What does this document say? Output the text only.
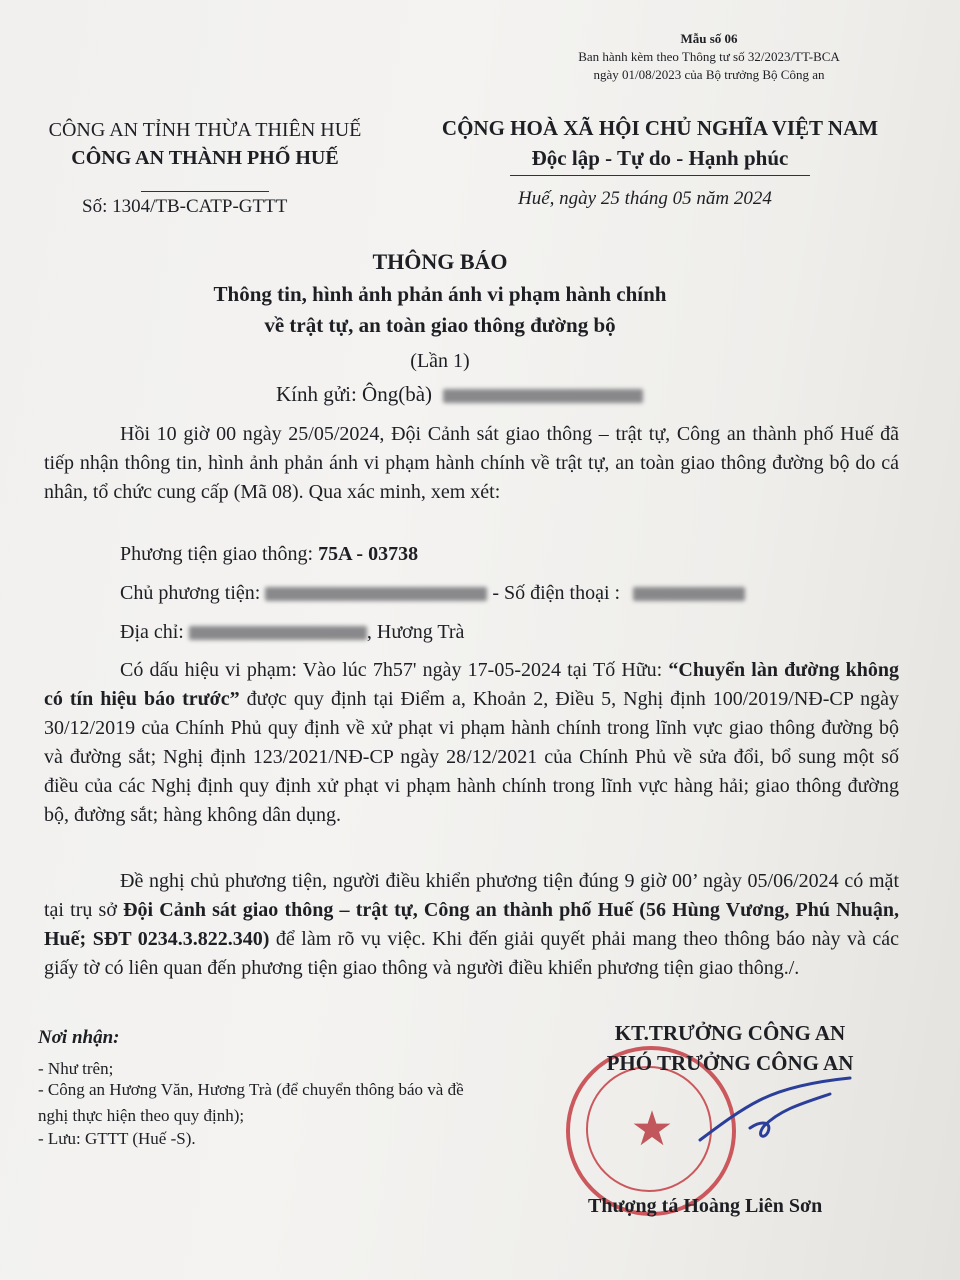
Mẫu số 06
Ban hành kèm theo Thông tư số 32/2023/TT-BCA
ngày 01/08/2023 của Bộ trưởng Bộ Công an
CÔNG AN TỈNH THỪA THIÊN HUẾ
CÔNG AN THÀNH PHỐ HUẾ
Số: 1304/TB-CATP-GTTT
CỘNG HOÀ XÃ HỘI CHỦ NGHĨA VIỆT NAM
Độc lập - Tự do - Hạnh phúc
Huế, ngày 25 tháng 05 năm 2024
THÔNG BÁO
Thông tin, hình ảnh phản ánh vi phạm hành chính
về trật tự, an toàn giao thông đường bộ
(Lần 1)
Kính gửi: Ông(bà)
Hồi 10 giờ 00 ngày 25/05/2024, Đội Cảnh sát giao thông – trật tự, Công an thành phố Huế đã tiếp nhận thông tin, hình ảnh phản ánh vi phạm hành chính về trật tự, an toàn giao thông đường bộ do cá nhân, tổ chức cung cấp (Mã 08). Qua xác minh, xem xét:
Phương tiện giao thông: 75A - 03738
Chủ phương tiện:	- Số điện thoại :
Địa chỉ:	, Hương Trà
Có dấu hiệu vi phạm: Vào lúc 7h57' ngày 17-05-2024 tại Tố Hữu: “Chuyển làn đường không có tín hiệu báo trước” được quy định tại Điểm a, Khoản 2, Điều 5, Nghị định 100/2019/NĐ-CP ngày 30/12/2019 của Chính Phủ quy định về xử phạt vi phạm hành chính trong lĩnh vực giao thông đường bộ và đường sắt; Nghị định 123/2021/NĐ-CP ngày 28/12/2021 của Chính Phủ về sửa đổi, bổ sung một số điều của các Nghị định quy định xử phạt vi phạm hành chính trong lĩnh vực hàng hải; giao thông đường bộ, đường sắt; hàng không dân dụng.
Đề nghị chủ phương tiện, người điều khiển phương tiện đúng 9 giờ 00’ ngày 05/06/2024 có mặt tại trụ sở Đội Cảnh sát giao thông – trật tự, Công an thành phố Huế (56 Hùng Vương, Phú Nhuận, Huế; SĐT 0234.3.822.340) để làm rõ vụ việc. Khi đến giải quyết phải mang theo thông báo này và các giấy tờ có liên quan đến phương tiện giao thông và người điều khiển phương tiện giao thông./.
Nơi nhận:
- Như trên;
- Công an Hương Văn, Hương Trà (để chuyển thông báo và đề nghị thực hiện theo quy định);
- Lưu: GTTT (Huế -S).	★
KT.TRƯỞNG CÔNG AN
PHÓ TRƯỞNG CÔNG AN
Thượng tá Hoàng Liên Sơn
